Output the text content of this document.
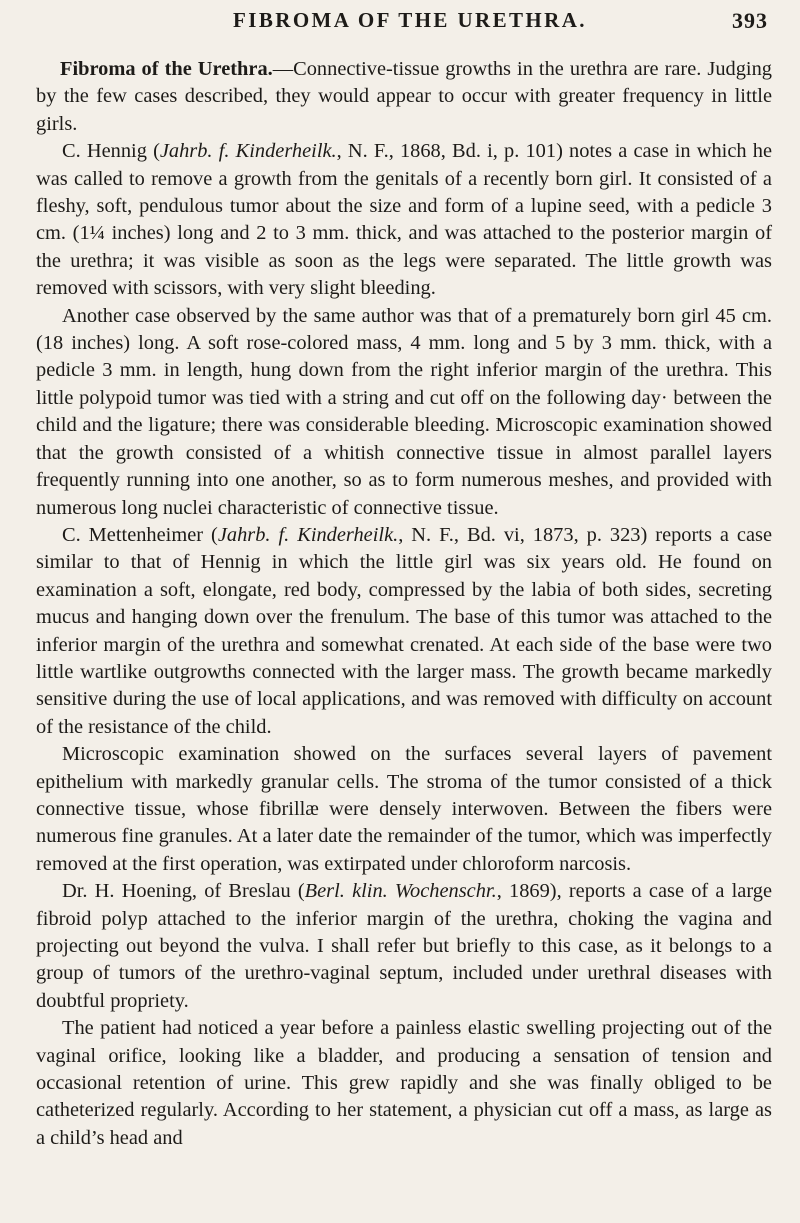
FIBROMA OF THE URETHRA.	393

Fibroma of the Urethra.—Connective-tissue growths in the urethra are rare. Judging by the few cases described, they would appear to occur with greater frequency in little girls.

C. Hennig (Jahrb. f. Kinderheilk., N. F., 1868, Bd. i, p. 101) notes a case in which he was called to remove a growth from the genitals of a recently born girl. It consisted of a fleshy, soft, pendulous tumor about the size and form of a lupine seed, with a pedicle 3 cm. (1¼ inches) long and 2 to 3 mm. thick, and was attached to the posterior margin of the urethra; it was visible as soon as the legs were separated. The little growth was removed with scissors, with very slight bleeding.

Another case observed by the same author was that of a prematurely born girl 45 cm. (18 inches) long. A soft rose-colored mass, 4 mm. long and 5 by 3 mm. thick, with a pedicle 3 mm. in length, hung down from the right inferior margin of the urethra. This little polypoid tumor was tied with a string and cut off on the following day· between the child and the ligature; there was considerable bleeding. Microscopic examination showed that the growth consisted of a whitish connective tissue in almost parallel layers frequently running into one another, so as to form numerous meshes, and provided with numerous long nuclei characteristic of connective tissue.

C. Mettenheimer (Jahrb. f. Kinderheilk., N. F., Bd. vi, 1873, p. 323) reports a case similar to that of Hennig in which the little girl was six years old. He found on examination a soft, elongate, red body, compressed by the labia of both sides, secreting mucus and hanging down over the frenulum. The base of this tumor was attached to the inferior margin of the urethra and somewhat crenated. At each side of the base were two little wartlike outgrowths connected with the larger mass. The growth became markedly sensitive during the use of local applications, and was removed with difficulty on account of the resistance of the child.

Microscopic examination showed on the surfaces several layers of pavement epithelium with markedly granular cells. The stroma of the tumor consisted of a thick connective tissue, whose fibrillæ were densely interwoven. Between the fibers were numerous fine granules. At a later date the remainder of the tumor, which was imperfectly removed at the first operation, was extirpated under chloroform narcosis.

Dr. H. Hoening, of Breslau (Berl. klin. Wochenschr., 1869), reports a case of a large fibroid polyp attached to the inferior margin of the urethra, choking the vagina and projecting out beyond the vulva. I shall refer but briefly to this case, as it belongs to a group of tumors of the urethro-vaginal septum, included under urethral diseases with doubtful propriety.

The patient had noticed a year before a painless elastic swelling projecting out of the vaginal orifice, looking like a bladder, and producing a sensation of tension and occasional retention of urine. This grew rapidly and she was finally obliged to be catheterized regularly. According to her statement, a physician cut off a mass, as large as a child’s head and
